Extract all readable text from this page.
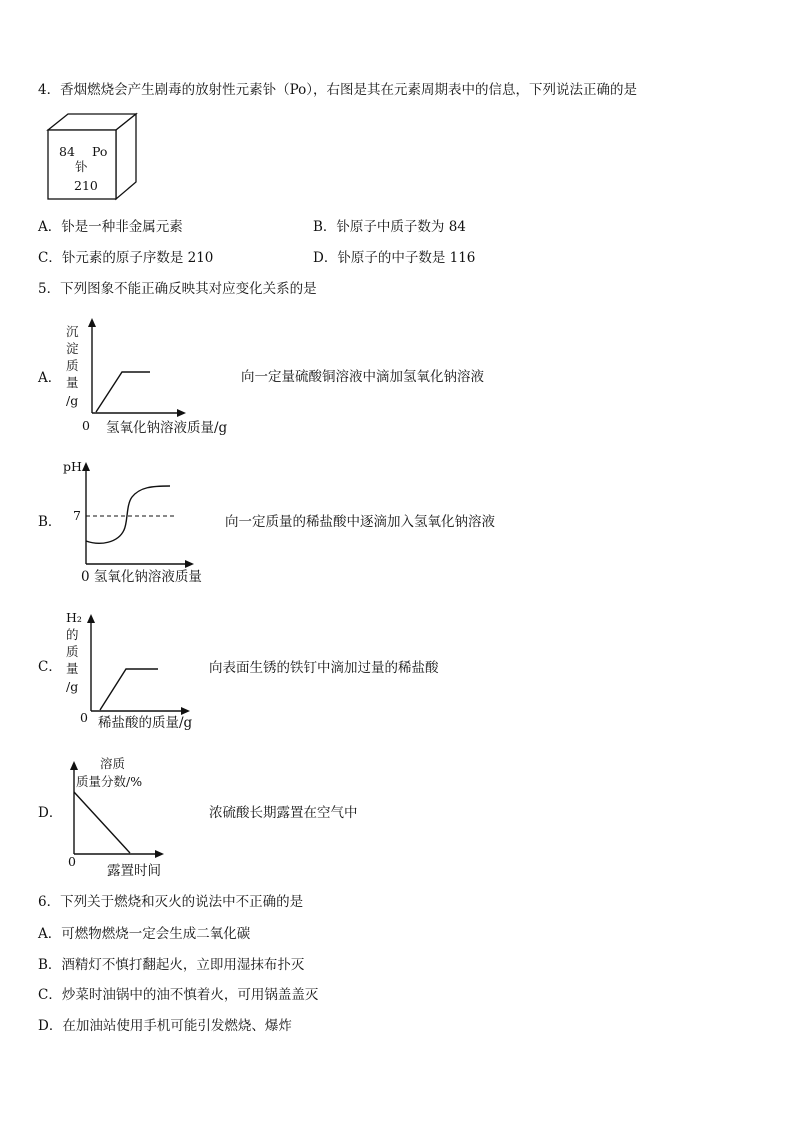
4．香烟燃烧会产生剧毒的放射性元素钋（Po），右图是其在元素周期表中的信息，下列说法正确的是
84 Po
钋
210
A．钋是一种非金属元素	B．钋原子中质子数为 84
C．钋元素的原子序数是 210	D．钋原子的中子数是 116
5．下列图象不能正确反映其对应变化关系的是
A．
沉
淀
质
量
/g
0 氢氧化钠溶液质量/g
向一定量硫酸铜溶液中滴加氢氧化钠溶液
B．
pH
7
0 氢氧化钠溶液质量
向一定质量的稀盐酸中逐滴加入氢氧化钠溶液
C．
H₂
的
质
量
/g
0 稀盐酸的质量/g
向表面生锈的铁钉中滴加过量的稀盐酸
D．
溶质
质量分数/%
0
露置时间
浓硫酸长期露置在空气中
6．下列关于燃烧和灭火的说法中不正确的是
A．可燃物燃烧一定会生成二氧化碳
B．酒精灯不慎打翻起火，立即用湿抹布扑灭
C．炒菜时油锅中的油不慎着火，可用锅盖盖灭
D．在加油站使用手机可能引发燃烧、爆炸
